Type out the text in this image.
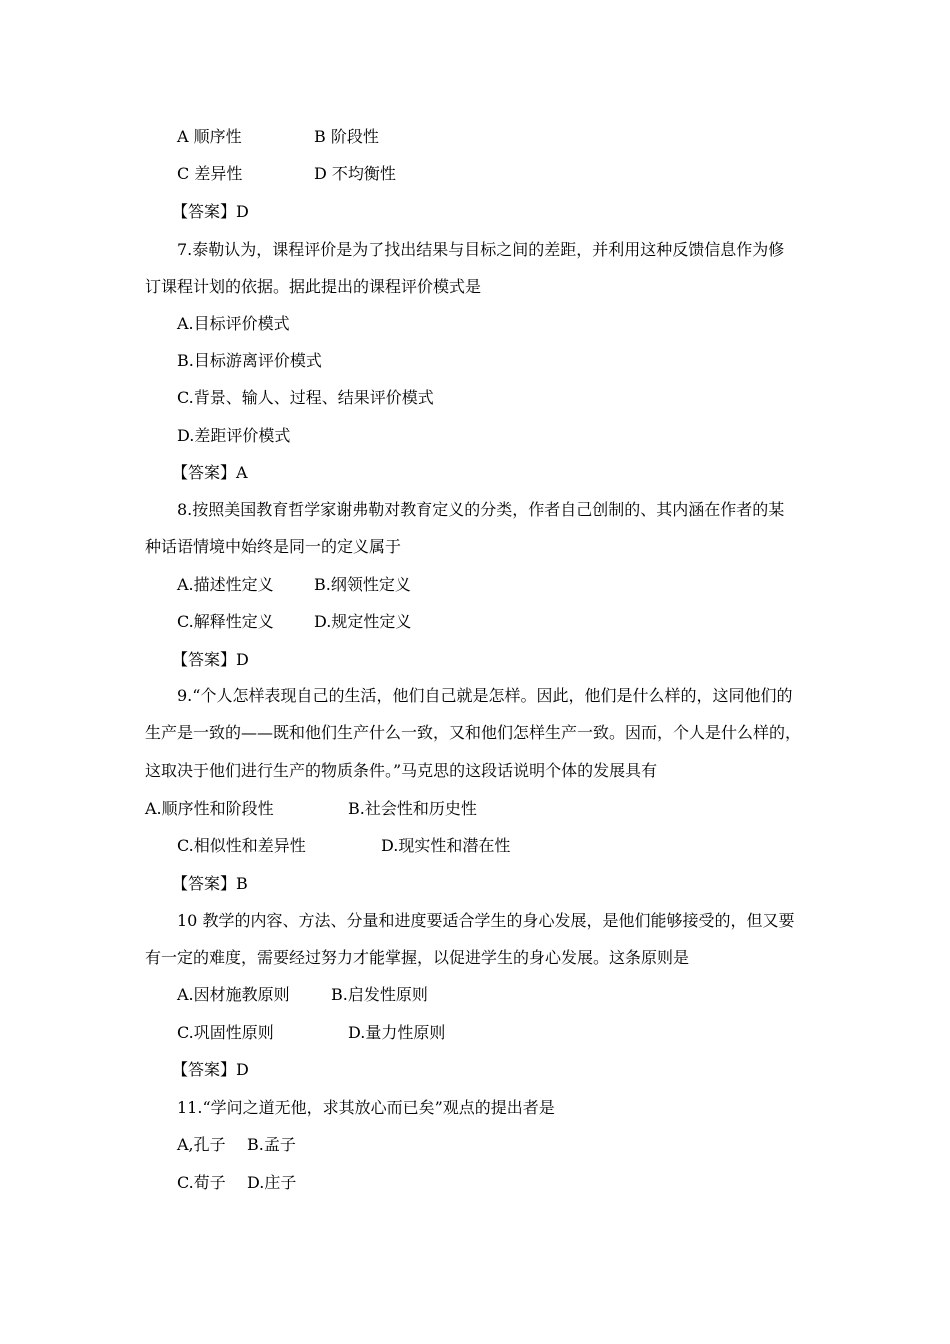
A 顺序性	B 阶段性
C 差异性	D 不均衡性
【答案】D
7.泰勒认为，课程评价是为了找出结果与目标之间的差距，并利用这种反馈信息作为修
订课程计划的依据。据此提出的课程评价模式是
A.目标评价模式
B.目标游离评价模式
C.背景、输人、过程、结果评价模式
D.差距评价模式
【答案】A
8.按照美国教育哲学家谢弗勒对教育定义的分类，作者自己创制的、其内涵在作者的某
种话语情境中始终是同一的定义属于
A.描述性定义	B.纲领性定义
C.解释性定义	D.规定性定义
【答案】D
9.“个人怎样表现自己的生活，他们自己就是怎样。因此，他们是什么样的，这同他们的
生产是一致的——既和他们生产什么一致，又和他们怎样生产一致。因而，个人是什么样的，
这取决于他们进行生产的物质条件。”马克思的这段话说明个体的发展具有
A.顺序性和阶段性	B.社会性和历史性
C.相似性和差异性	D.现实性和潜在性
【答案】B
10 教学的内容、方法、分量和进度要适合学生的身心发展，是他们能够接受的，但又要
有一定的难度，需要经过努力才能掌握，以促进学生的身心发展。这条原则是
A.因材施教原则	B.启发性原则
C.巩固性原则	D.量力性原则
【答案】D
11.“学问之道无他，求其放心而已矣”观点的提出者是
A,孔子 B.孟子
C.荀子 D.庄子
